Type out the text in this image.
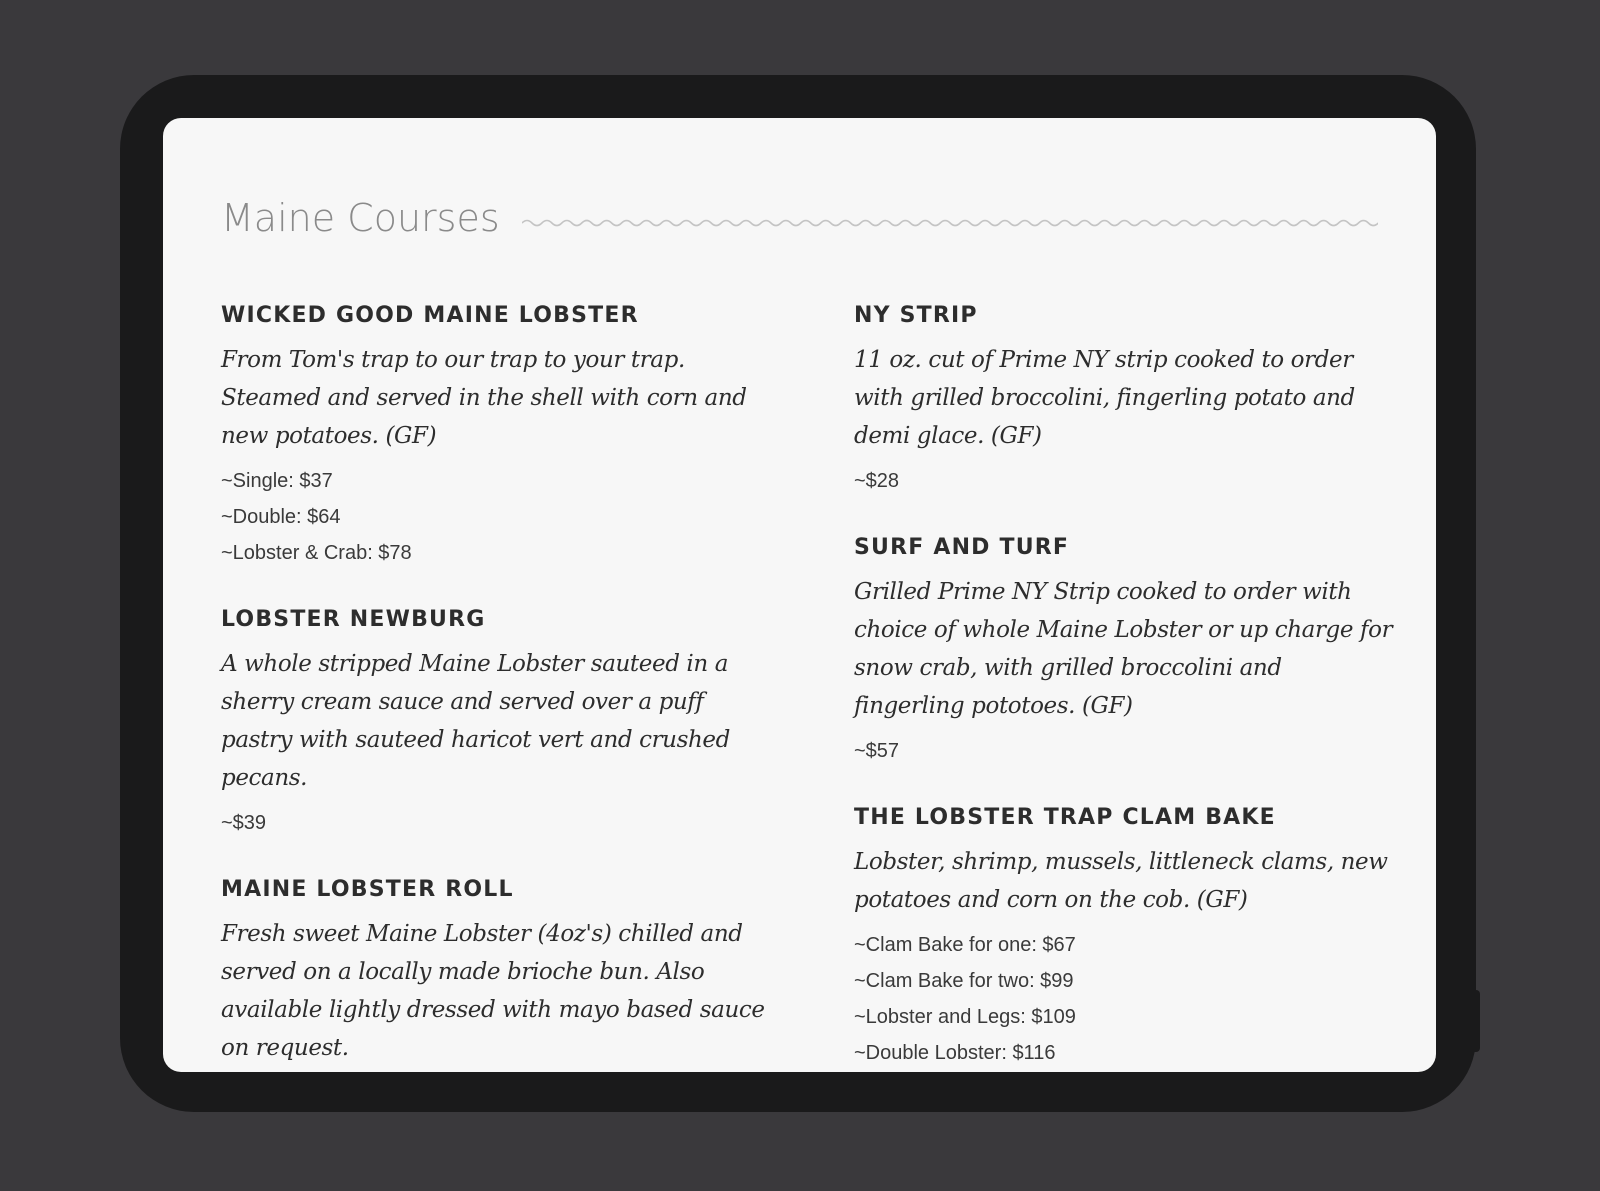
Maine Courses
WICKED GOOD MAINE LOBSTER
From Tom's trap to our trap to your trap. Steamed and served in the shell with corn and new potatoes. (GF)
~Single: $37
~Double: $64
~Lobster & Crab: $78
LOBSTER NEWBURG
A whole stripped Maine Lobster sauteed in a sherry cream sauce and served over a puff pastry with sauteed haricot vert and crushed pecans.
~$39
MAINE LOBSTER ROLL
Fresh sweet Maine Lobster (4oz's) chilled and served on a locally made brioche bun. Also available lightly dressed with mayo based sauce on request.
NY STRIP
11 oz. cut of Prime NY strip cooked to order with grilled broccolini, fingerling potato and demi glace. (GF)
~$28
SURF AND TURF
Grilled Prime NY Strip cooked to order with choice of whole Maine Lobster or up charge for snow crab, with grilled broccolini and fingerling pototoes. (GF)
~$57
THE LOBSTER TRAP CLAM BAKE
Lobster, shrimp, mussels, littleneck clams, new potatoes and corn on the cob. (GF)
~Clam Bake for one: $67
~Clam Bake for two: $99
~Lobster and Legs: $109
~Double Lobster: $116
